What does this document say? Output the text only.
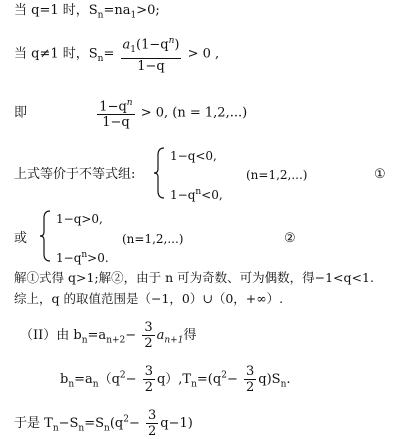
当 q=1 时，$S_n=na_1>0$;
当 q≠1 时，$S_n= \frac{a_1(1-q^n)}{1-q} > 0$ ,
即	$\frac{1-q^n}{1-q} > 0$, (n = 1,2,...)
上式等价于不等式组:
1−q<0,
$1-q^n<0$,
(n=1,2,...)	①
或
1−q>0,
$1-q^n>0$.
(n=1,2,...)	②
解①式得 q>1;解②，由于 n 可为奇数、可为偶数，得−1<q<1.
综上，q 的取值范围是（−1，0）∪（0，+∞）.
（II）由 $b_n=a_{n+2}- \frac{3}{2} a_{n+1}$得
$b_n=a_n(q^2- \frac{3}{2} q),T_n=(q^2- \frac{3}{2} q)S_n$.
于是 $T_n-S_n=S_n(q^2- \frac{3}{2} q-1)$
